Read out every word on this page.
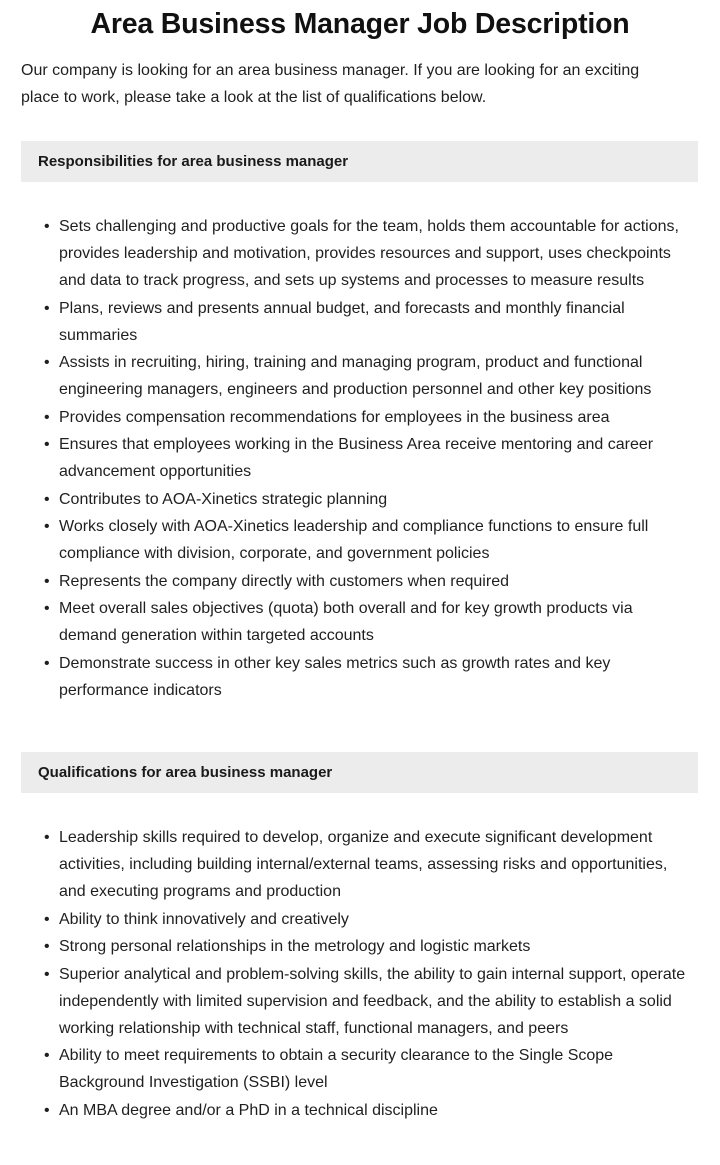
Area Business Manager Job Description

Our company is looking for an area business manager. If you are looking for an exciting place to work, please take a look at the list of qualifications below.

Responsibilities for area business manager
• Sets challenging and productive goals for the team, holds them accountable for actions, provides leadership and motivation, provides resources and support, uses checkpoints and data to track progress, and sets up systems and processes to measure results
• Plans, reviews and presents annual budget, and forecasts and monthly financial summaries
• Assists in recruiting, hiring, training and managing program, product and functional engineering managers, engineers and production personnel and other key positions
• Provides compensation recommendations for employees in the business area
• Ensures that employees working in the Business Area receive mentoring and career advancement opportunities
• Contributes to AOA-Xinetics strategic planning
• Works closely with AOA-Xinetics leadership and compliance functions to ensure full compliance with division, corporate, and government policies
• Represents the company directly with customers when required
• Meet overall sales objectives (quota) both overall and for key growth products via demand generation within targeted accounts
• Demonstrate success in other key sales metrics such as growth rates and key performance indicators
Qualifications for area business manager
• Leadership skills required to develop, organize and execute significant development activities, including building internal/external teams, assessing risks and opportunities, and executing programs and production
• Ability to think innovatively and creatively
• Strong personal relationships in the metrology and logistic markets
• Superior analytical and problem-solving skills, the ability to gain internal support, operate independently with limited supervision and feedback, and the ability to establish a solid working relationship with technical staff, functional managers, and peers
• Ability to meet requirements to obtain a security clearance to the Single Scope Background Investigation (SSBI) level
• An MBA degree and/or a PhD in a technical discipline
